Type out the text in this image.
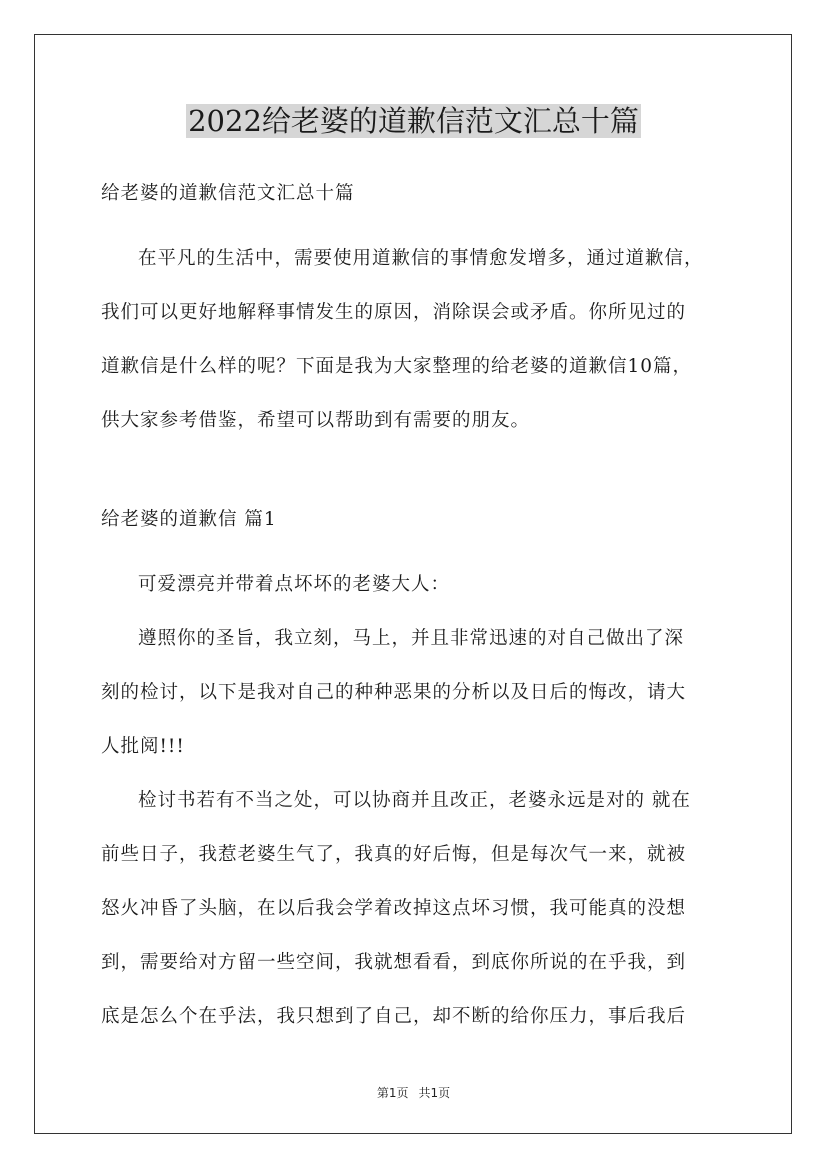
2022给老婆的道歉信范文汇总十篇
给老婆的道歉信范文汇总十篇
在平凡的生活中，需要使用道歉信的事情愈发增多，通过道歉信，
我们可以更好地解释事情发生的原因，消除误会或矛盾。你所见过的
道歉信是什么样的呢？下面是我为大家整理的给老婆的道歉信10篇，
供大家参考借鉴，希望可以帮助到有需要的朋友。
给老婆的道歉信 篇1
可爱漂亮并带着点坏坏的老婆大人：
遵照你的圣旨，我立刻，马上，并且非常迅速的对自己做出了深
刻的检讨，以下是我对自己的种种恶果的分析以及日后的悔改，请大
人批阅!!!
检讨书若有不当之处，可以协商并且改正，老婆永远是对的 就在
前些日子，我惹老婆生气了，我真的好后悔，但是每次气一来，就被
怒火冲昏了头脑，在以后我会学着改掉这点坏习惯，我可能真的没想
到，需要给对方留一些空间，我就想看看，到底你所说的在乎我，到
底是怎么个在乎法，我只想到了自己，却不断的给你压力，事后我后
第1页 共1页
